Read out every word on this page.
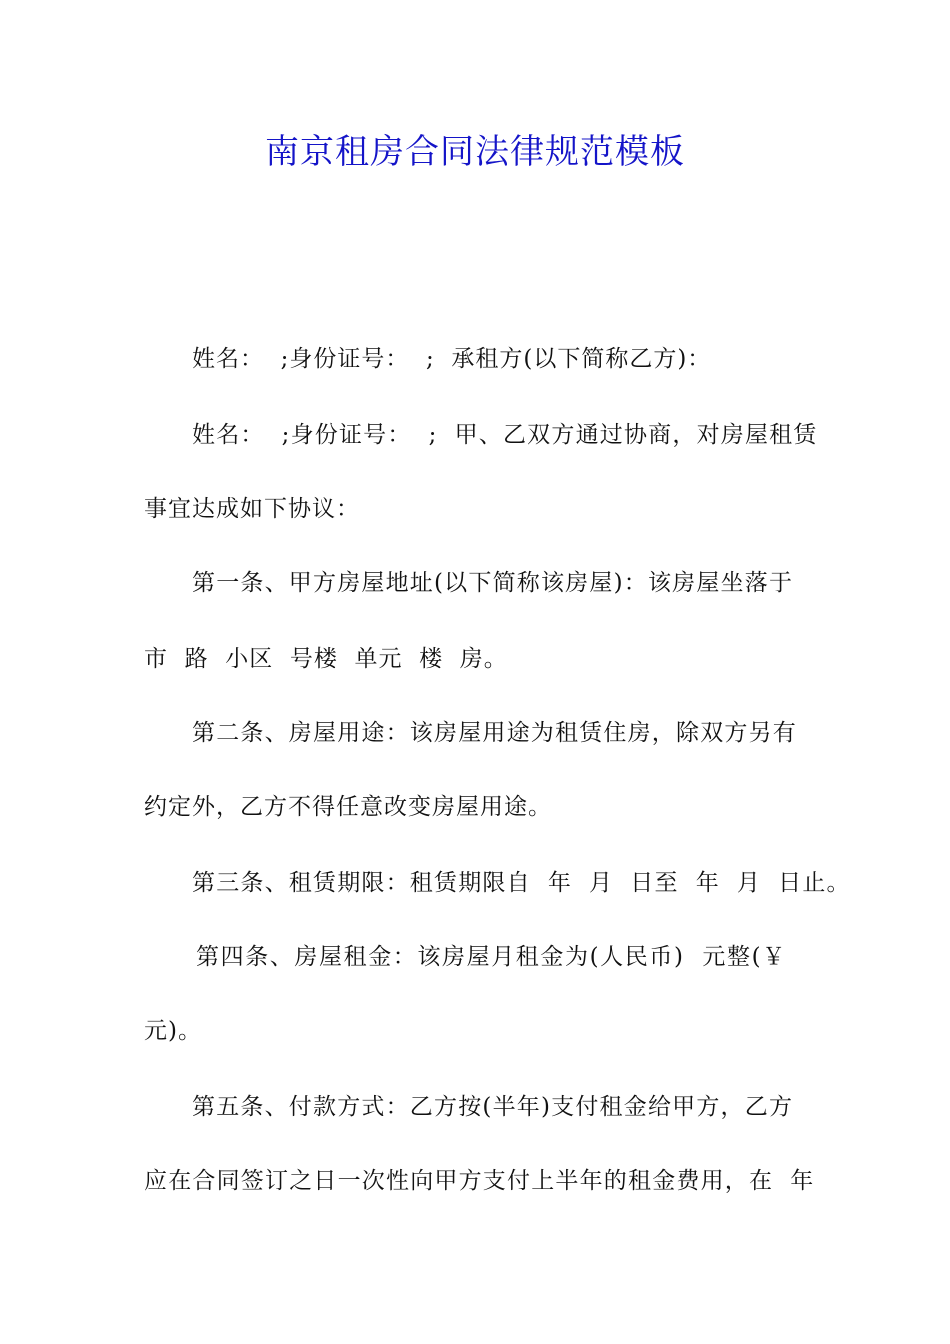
南京租房合同法律规范模板

姓名：  ;身份证号：  ;  承租方(以下简称乙方)：

姓名：  ;身份证号：  ;  甲、乙双方通过协商，对房屋租赁

事宜达成如下协议：

第一条、甲方房屋地址(以下简称该房屋)：该房屋坐落于

市  路  小区  号楼  单元  楼  房。

第二条、房屋用途：该房屋用途为租赁住房，除双方另有

约定外，乙方不得任意改变房屋用途。

第三条、租赁期限：租赁期限自  年  月  日至  年  月  日止。

第四条、房屋租金：该房屋月租金为(人民币)  元整(￥

元)。

第五条、付款方式：乙方按(半年)支付租金给甲方，乙方

应在合同签订之日一次性向甲方支付上半年的租金费用，在  年
